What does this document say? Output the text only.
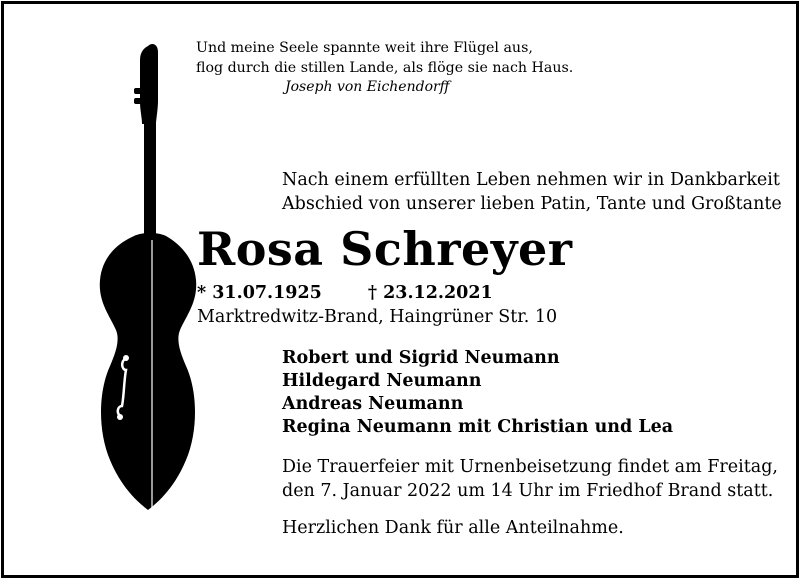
Und meine Seele spannte weit ihre Flügel aus,
flog durch die stillen Lande, als flöge sie nach Haus.
Joseph von Eichendorff
Nach einem erfüllten Leben nehmen wir in Dankbarkeit
Abschied von unserer lieben Patin, Tante und Großtante
Rosa Schreyer
* 31.07.1925	† 23.12.2021
Marktredwitz-Brand, Haingrüner Str. 10
Robert und Sigrid Neumann
Hildegard Neumann
Andreas Neumann
Regina Neumann mit Christian und Lea
Die Trauerfeier mit Urnenbeisetzung findet am Freitag,
den 7. Januar 2022 um 14 Uhr im Friedhof Brand statt.
Herzlichen Dank für alle Anteilnahme.
